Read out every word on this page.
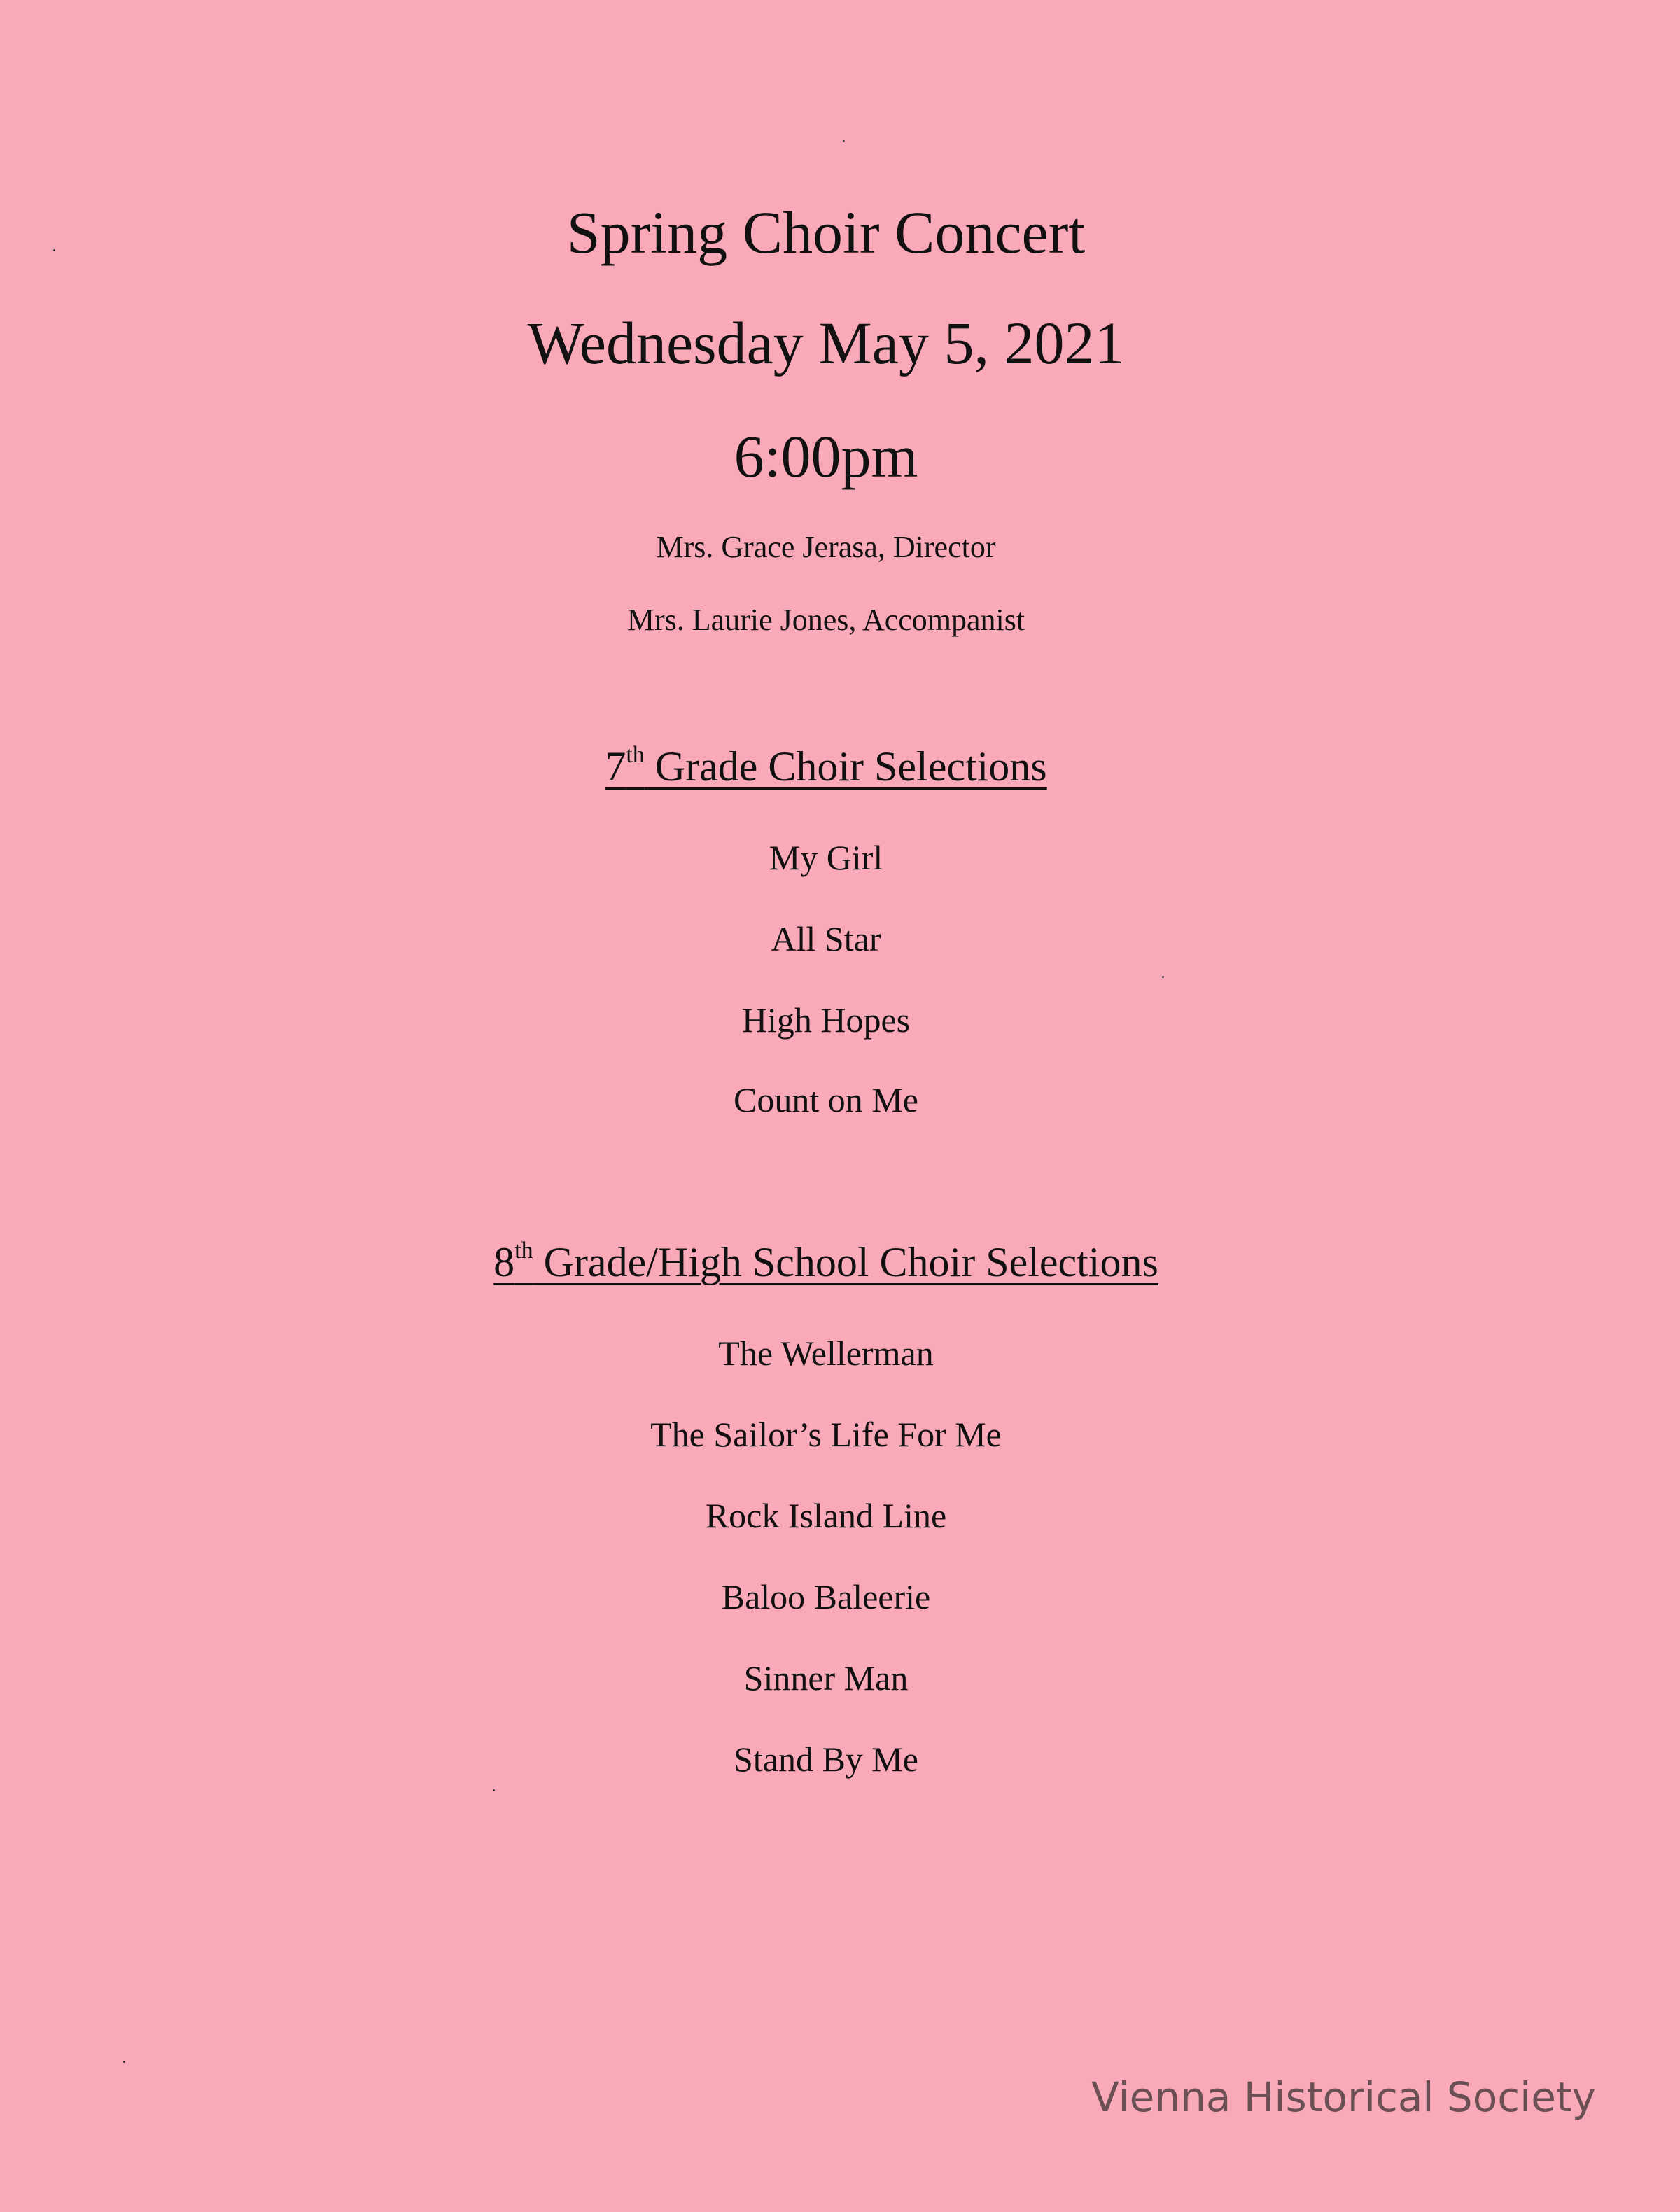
Spring Choir Concert
Wednesday May 5, 2021
6:00pm
Mrs. Grace Jerasa, Director
Mrs. Laurie Jones, Accompanist
7th Grade Choir Selections
My Girl
All Star
High Hopes
Count on Me
8th Grade/High School Choir Selections
The Wellerman
The Sailor’s Life For Me
Rock Island Line
Baloo Baleerie
Sinner Man
Stand By Me
Vienna Historical Society
